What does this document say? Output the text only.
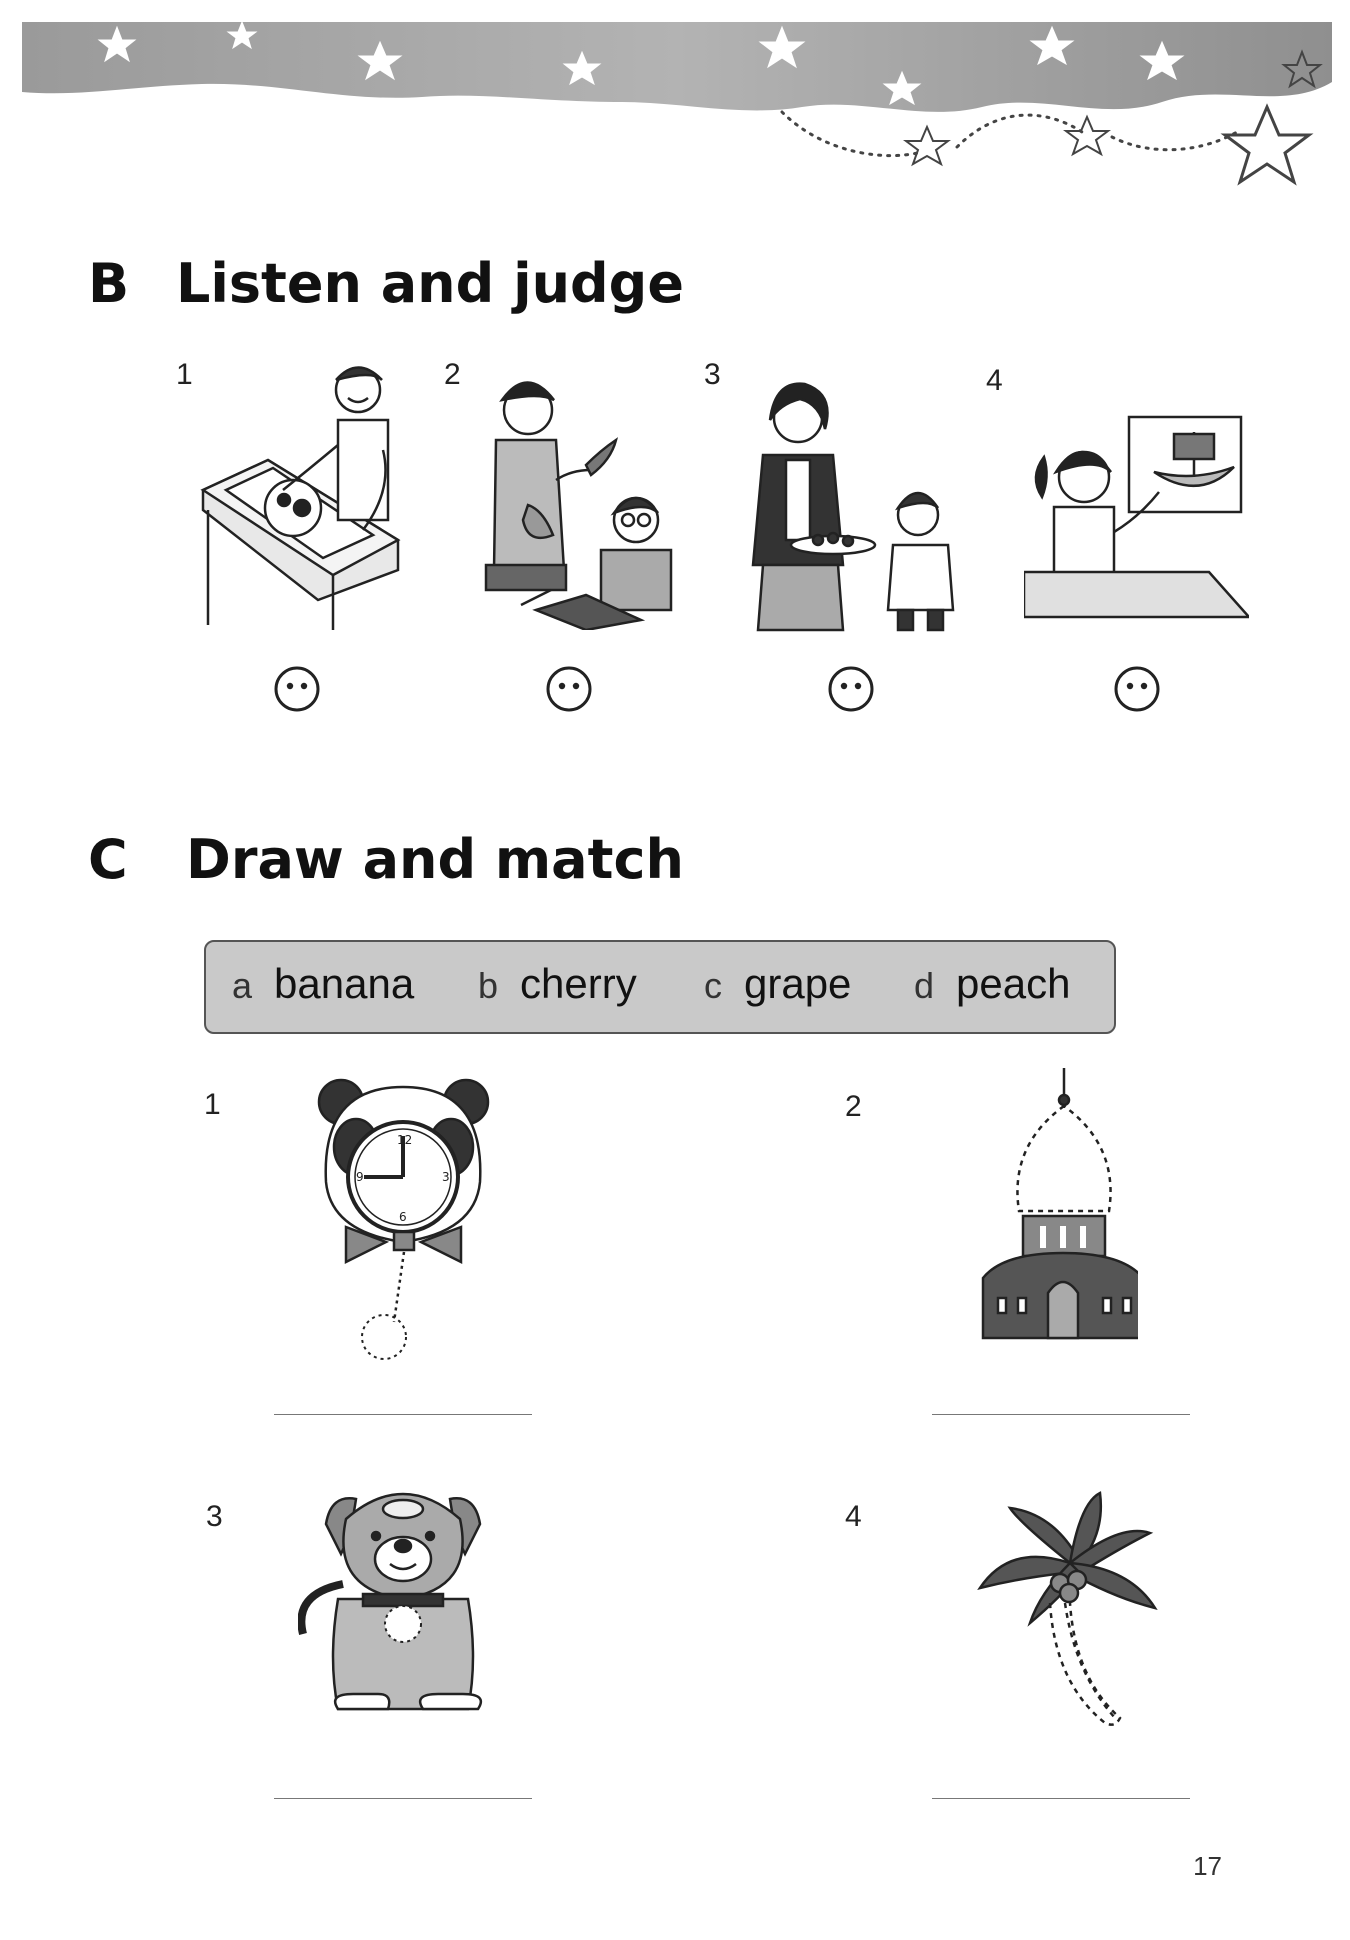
B Listen and judge
1	2	3	4
C Draw and match
a banana b cherry c grape d peach
1	2
3	4
12
3
6
9
17
